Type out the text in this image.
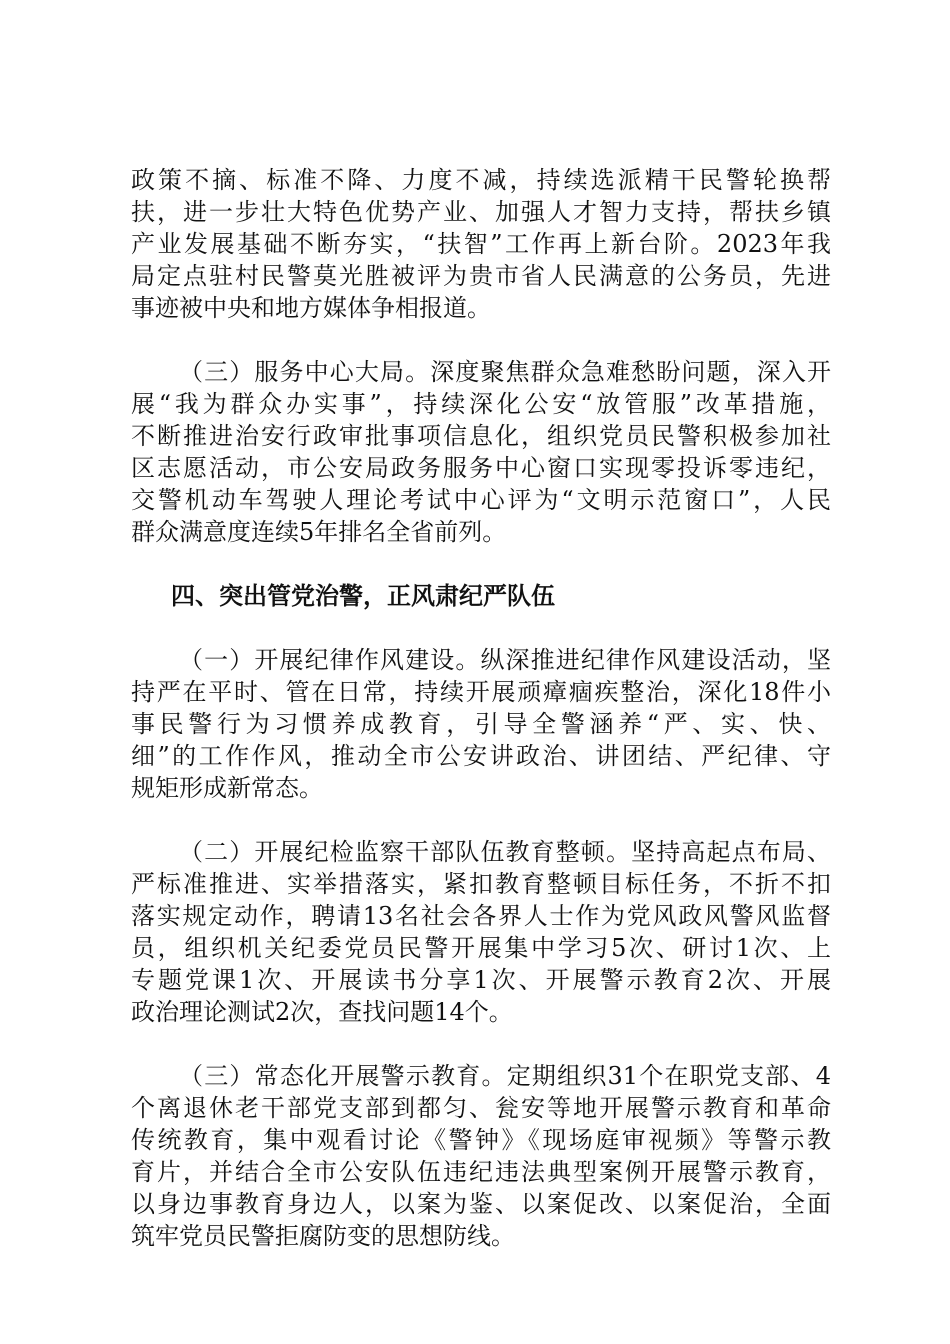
政策不摘、标准不降、力度不减，持续选派精干民警轮换帮
扶，进一步壮大特色优势产业、加强人才智力支持，帮扶乡镇
产业发展基础不断夯实，“扶智”工作再上新台阶。2023年我
局定点驻村民警莫光胜被评为贵市省人民满意的公务员，先进
事迹被中央和地方媒体争相报道。
（三）服务中心大局。深度聚焦群众急难愁盼问题，深入开
展“我为群众办实事”，持续深化公安“放管服”改革措施，
不断推进治安行政审批事项信息化，组织党员民警积极参加社
区志愿活动，市公安局政务服务中心窗口实现零投诉零违纪，
交警机动车驾驶人理论考试中心评为“文明示范窗口”，人民
群众满意度连续5年排名全省前列。
四、突出管党治警，正风肃纪严队伍
（一）开展纪律作风建设。纵深推进纪律作风建设活动，坚
持严在平时、管在日常，持续开展顽瘴痼疾整治，深化18件小
事民警行为习惯养成教育，引导全警涵养“严、实、快、
细”的工作作风，推动全市公安讲政治、讲团结、严纪律、守
规矩形成新常态。
（二）开展纪检监察干部队伍教育整顿。坚持高起点布局、
严标准推进、实举措落实，紧扣教育整顿目标任务，不折不扣
落实规定动作，聘请13名社会各界人士作为党风政风警风监督
员，组织机关纪委党员民警开展集中学习5次、研讨1次、上
专题党课1次、开展读书分享1次、开展警示教育2次、开展
政治理论测试2次，查找问题14个。
（三）常态化开展警示教育。定期组织31个在职党支部、4
个离退休老干部党支部到都匀、瓮安等地开展警示教育和革命
传统教育，集中观看讨论《警钟》《现场庭审视频》等警示教
育片，并结合全市公安队伍违纪违法典型案例开展警示教育，
以身边事教育身边人，以案为鉴、以案促改、以案促治，全面
筑牢党员民警拒腐防变的思想防线。
